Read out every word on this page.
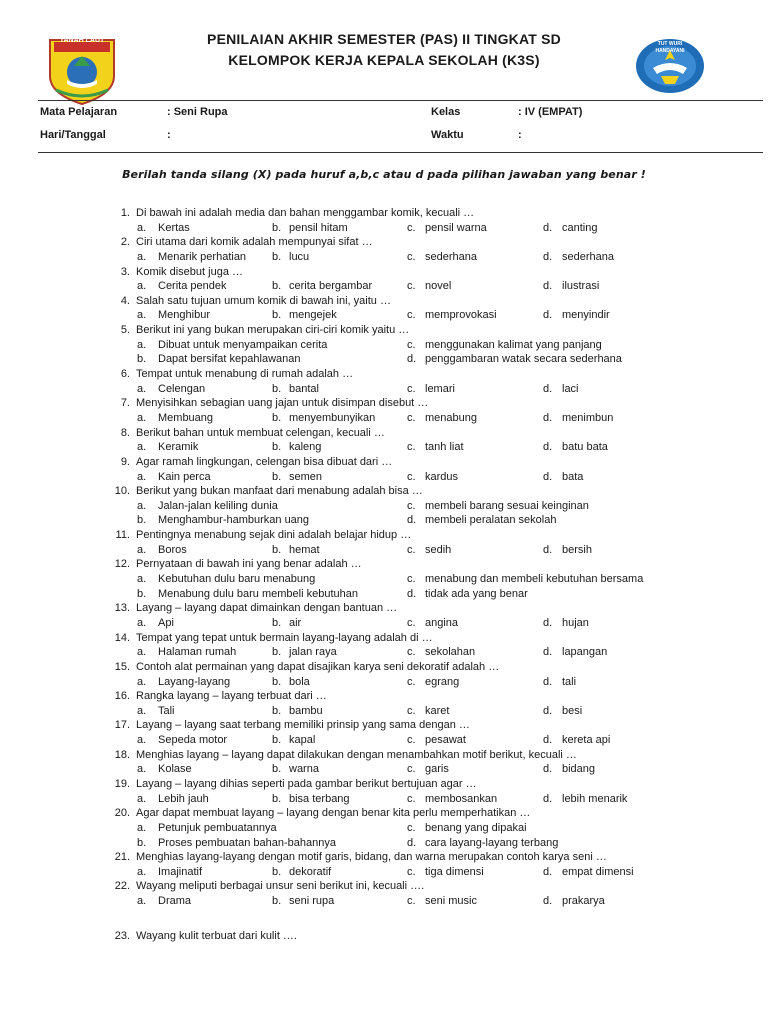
TANAH LAUT	PENILAIAN AKHIR SEMESTER (PAS) II TINGKAT SD
KELOMPOK KERJA KEPALA SEKOLAH (K3S)
TUT WURI HANDAYANI
Mata Pelajaran	: Seni Rupa	Kelas	: IV (EMPAT)
Hari/Tanggal	:	Waktu	:
Berilah tanda silang (X) pada huruf a,b,c atau d pada pilihan jawaban yang benar !
1. Di bawah ini adalah media dan bahan menggambar komik, kecuali …
a. Kertas	b. pensil hitam	c. pensil warna	d. canting
2. Ciri utama dari komik adalah mempunyai sifat …
a. Menarik perhatian b. lucu	c. sederhana	d. sederhana
3. Komik disebut juga …
a. Cerita pendek	b. cerita bergambar	c. novel	d. ilustrasi
4. Salah satu tujuan umum komik di bawah ini, yaitu …
a. Menghibur	b. mengejek	c. memprovokasi	d. menyindir
5. Berikut ini yang bukan merupakan ciri-ciri komik yaitu …
a. Dibuat untuk menyampaikan cerita	c. menggunakan kalimat yang panjang
b. Dapat bersifat kepahlawanan	d. penggambaran watak secara sederhana
6. Tempat untuk menabung di rumah adalah …
a. Celengan	b. bantal	c. lemari	d. laci
7. Menyisihkan sebagian uang jajan untuk disimpan disebut …
a. Membuang	b. menyembunyikan	c. menabung	d. menimbun
8. Berikut bahan untuk membuat celengan, kecuali …
a. Keramik	b. kaleng	c. tanh liat	d. batu bata
9. Agar ramah lingkungan, celengan bisa dibuat dari …
a. Kain perca	b. semen	c. kardus	d. bata
10. Berikut yang bukan manfaat dari menabung adalah bisa …
a. Jalan-jalan keliling dunia	c. membeli barang sesuai keinginan
b. Menghambur-hamburkan uang	d. membeli peralatan sekolah
11. Pentingnya menabung sejak dini adalah belajar hidup …
a. Boros	b. hemat	c. sedih	d. bersih
12. Pernyataan di bawah ini yang benar adalah …
a. Kebutuhan dulu baru menabung	c. menabung dan membeli kebutuhan bersama
b. Menabung dulu baru membeli kebutuhan	d. tidak ada yang benar
13. Layang – layang dapat dimainkan dengan bantuan …
a. Api	b. air	c. angina	d. hujan
14. Tempat yang tepat untuk bermain layang-layang adalah di …
a. Halaman rumah	b. jalan raya	c. sekolahan	d. lapangan
15. Contoh alat permainan yang dapat disajikan karya seni dekoratif adalah …
a. Layang-layang	b. bola	c. egrang	d. tali
16. Rangka layang – layang terbuat dari …
a. Tali	b. bambu	c. karet	d. besi
17. Layang – layang saat terbang memiliki prinsip yang sama dengan …
a. Sepeda motor	b. kapal	c. pesawat	d. kereta api
18. Menghias layang – layang dapat dilakukan dengan menambahkan motif berikut, kecuali …
a. Kolase	b. warna	c. garis	d. bidang
19. Layang – layang dihias seperti pada gambar berikut bertujuan agar …
a. Lebih jauh	b. bisa terbang	c. membosankan	d. lebih menarik
20. Agar dapat membuat layang – layang dengan benar kita perlu memperhatikan …
a. Petunjuk pembuatannya	c. benang yang dipakai
b. Proses pembuatan bahan-bahannya	d. cara layang-layang terbang
21. Menghias layang-layang dengan motif garis, bidang, dan warna merupakan contoh karya seni …
a. Imajinatif	b. dekoratif	c. tiga dimensi	d. empat dimensi
22. Wayang meliputi berbagai unsur seni berikut ini, kecuali ….
a. Drama	b. seni rupa	c. seni music	d. prakarya
23. Wayang kulit terbuat dari kulit ….
